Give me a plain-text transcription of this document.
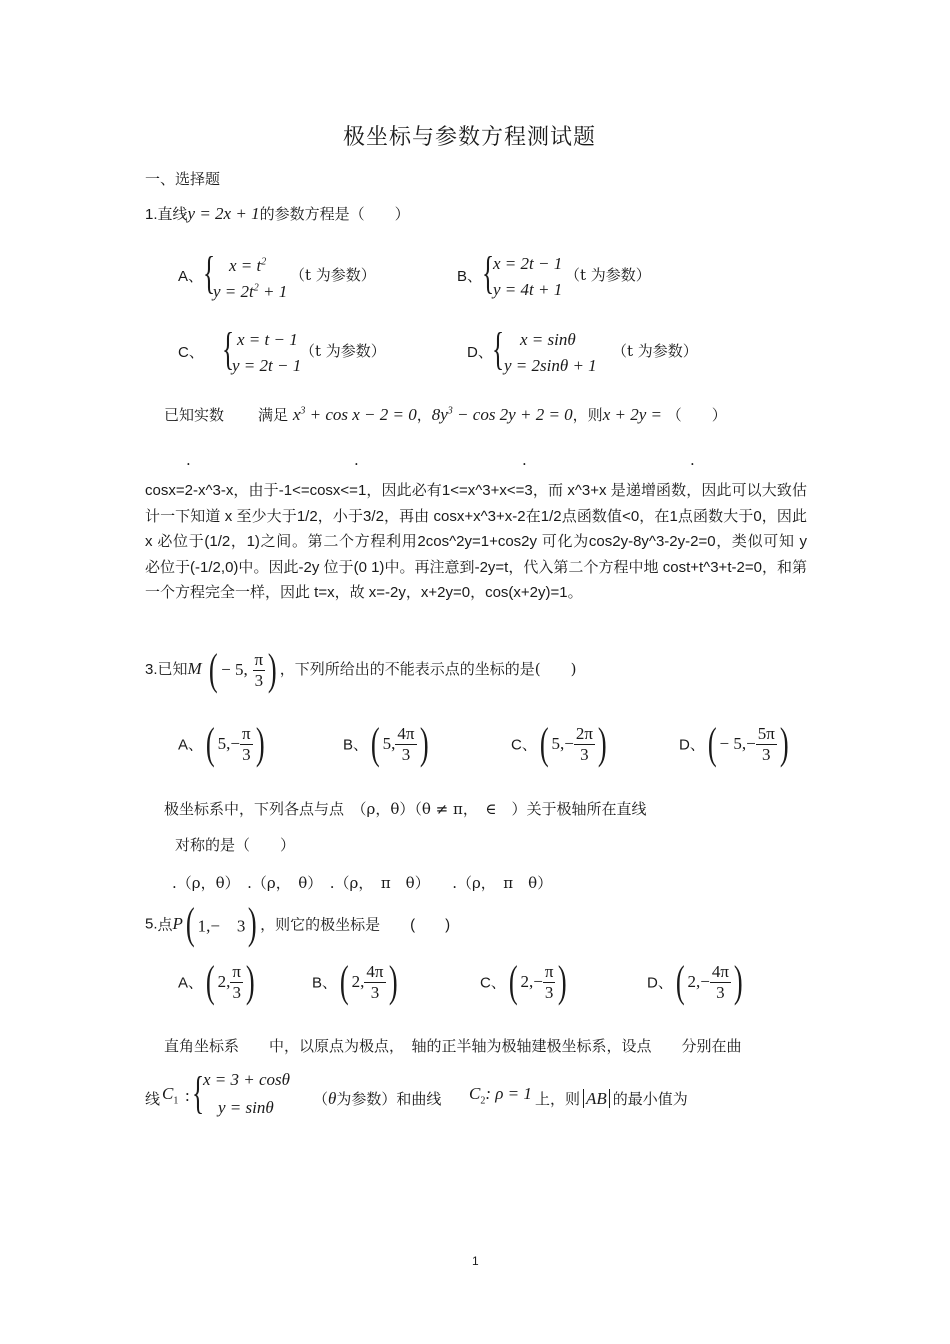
极坐标与参数方程测试题
一、选择题
1.直线y = 2x + 1的参数方程是（　　）
A、 { $x = t^2$
$y = 2t^2 + 1$
（t 为参数）	B、 {
x = 2t − 1
y = 4t + 1
（t 为参数）
C、 { x = t − 1
y = 2t − 1
（t 为参数）	D、 { x = sinθ
y = 2sinθ + 1
（t 为参数）
已知实数 满足 $x^3 + \cos x - 2 = 0$，$8y^3 - \cos 2y + 2 = 0$，则x + 2y = （　　）
.	.	.	.
cosx=2-x^3-x，由于-1<=cosx<=1，因此必有1<=x^3+x<=3，而 x^3+x 是递增函数，因此可以大致估计一下知道 x 至少大于1/2，小于3/2，再由 cosx+x^3+x-2在1/2点函数值<0，在1点函数大于0，因此 x 必位于(1/2，1)之间。第二个方程利用2cos^2y=1+cos2y 可化为cos2y-8y^3-2y-2=0，类似可知 y 必位于(-1/2,0)中。因此-2y 位于(0 1)中。再注意到-2y=t，代入第二个方程中地 cost+t^3+t-2=0，和第一个方程完全一样，因此 t=x，故 x=-2y，x+2y=0，cos(x+2y)=1。
3.已知M ( − 5, $\frac{\pi}{3}$ ) ，下列所给出的不能表示点的坐标的是(　　)
A、( $5,- \frac{\pi}{3}$ )	B、( 5, $\frac{4\pi}{3}$ )	C、( $5,- \frac{2\pi}{3}$ )	D、( − $5,- \frac{5\pi}{3}$ )
极坐标系中，下列各点与点　（ρ，θ）（θ ≠ π，　∈　）关于极轴所在直线
对称的是（　　）
.（ρ，θ）　.（ρ，　θ）　.（ρ，　π　θ）　　.（ρ，　π　θ）
5.点P( 1,−　3) ，则它的极坐标是 (　　)
A、( 2, $\frac{\pi}{3}$ )	B、( 2, $\frac{4\pi}{3}$ )	C、( $2,- \frac{\pi}{3}$ )	D、( $2,- \frac{4\pi}{3}$ )
直角坐标系　　中，以原点为极点，　轴的正半轴为极轴建极坐标系，设点　　分别在曲
线 $C_1$ : {
x = 3 + cosθ
y = sinθ	（θ为参数）和曲线 $C_2$: ρ = 1 上，则 AB 的最小值为
1
